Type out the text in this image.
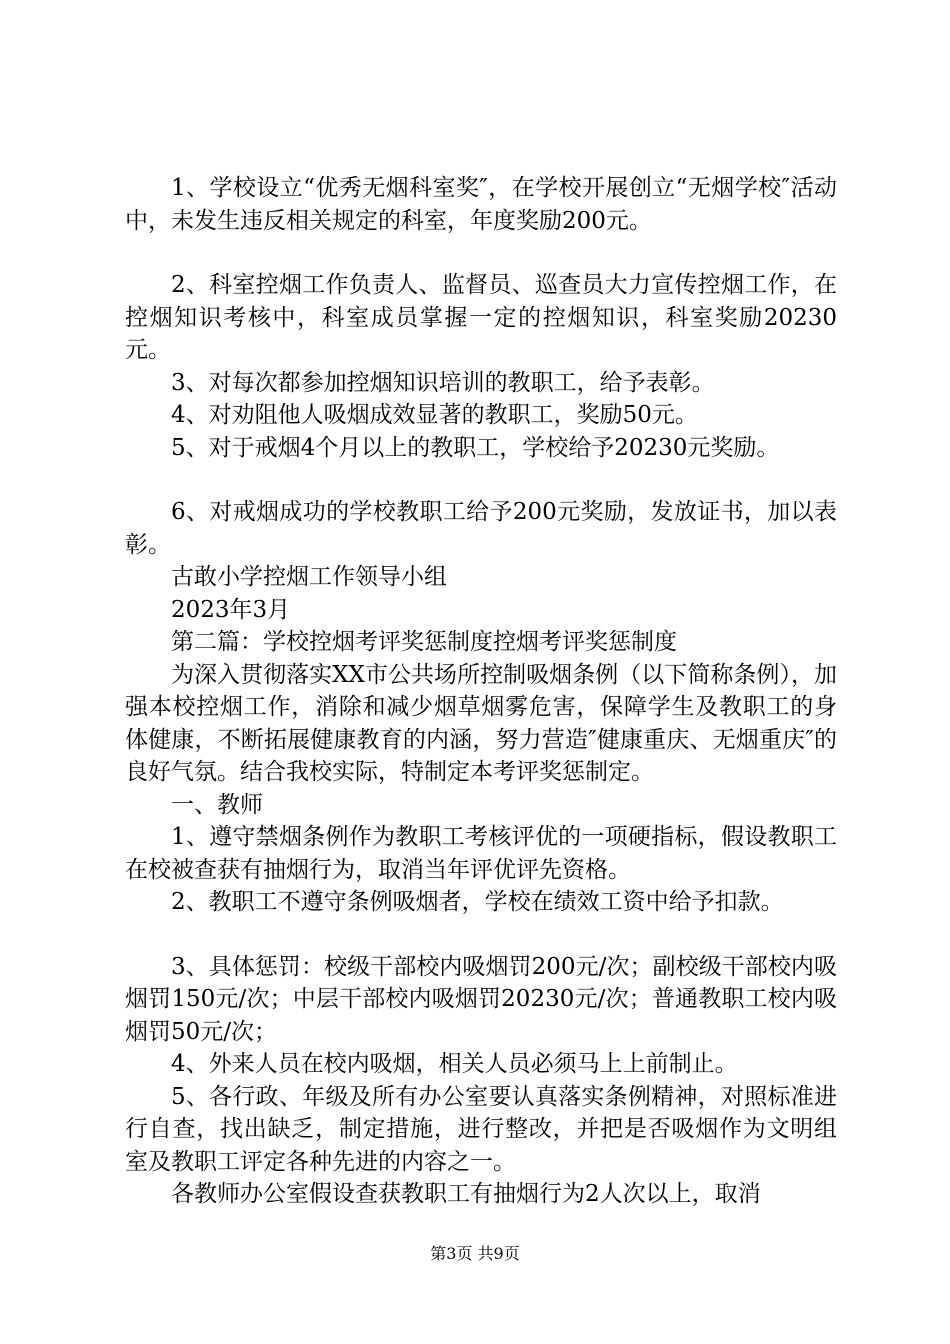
1、学校设立“优秀无烟科室奖″，在学校开展创立“无烟学校″活动中，未发生违反相关规定的科室，年度奖励200元。

2、科室控烟工作负责人、监督员、巡查员大力宣传控烟工作，在控烟知识考核中，科室成员掌握一定的控烟知识，科室奖励20230元。

3、对每次都参加控烟知识培训的教职工，给予表彰。

4、对劝阻他人吸烟成效显著的教职工，奖励50元。

5、对于戒烟4个月以上的教职工，学校给予20230元奖励。

6、对戒烟成功的学校教职工给予200元奖励，发放证书，加以表彰。

古敢小学控烟工作领导小组

2023年3月

第二篇：学校控烟考评奖惩制度控烟考评奖惩制度

为深入贯彻落实XX市公共场所控制吸烟条例（以下简称条例），加强本校控烟工作，消除和减少烟草烟雾危害，保障学生及教职工的身体健康，不断拓展健康教育的内涵，努力营造″健康重庆、无烟重庆″的良好气氛。结合我校实际，特制定本考评奖惩制定。

一、教师

1、遵守禁烟条例作为教职工考核评优的一项硬指标，假设教职工在校被查获有抽烟行为，取消当年评优评先资格。

2、教职工不遵守条例吸烟者，学校在绩效工资中给予扣款。

3、具体惩罚：校级干部校内吸烟罚200元/次；副校级干部校内吸烟罚150元/次；中层干部校内吸烟罚20230元/次；普通教职工校内吸烟罚50元/次；

4、外来人员在校内吸烟，相关人员必须马上上前制止。

5、各行政、年级及所有办公室要认真落实条例精神，对照标准进行自查，找出缺乏，制定措施，进行整改，并把是否吸烟作为文明组室及教职工评定各种先进的内容之一。

各教师办公室假设查获教职工有抽烟行为2人次以上，取消

第3页 共9页
